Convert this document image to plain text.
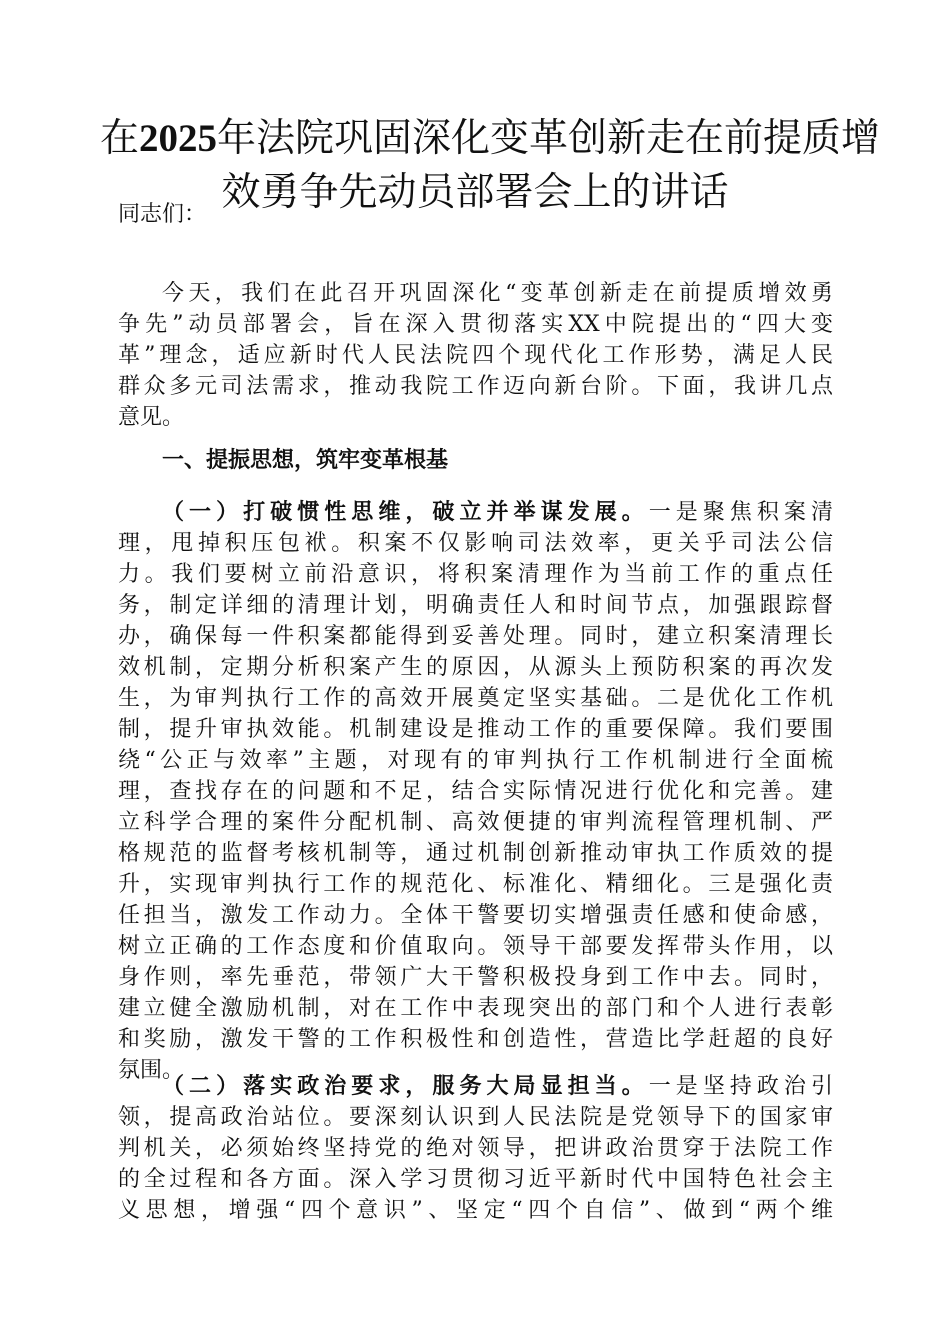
在2025年法院巩固深化变革创新走在前提质增
效勇争先动员部署会上的讲话

同志们：

今天，我们在此召开巩固深化“变革创新走在前提质增效勇
争先”动员部署会，旨在深入贯彻落实XX中院提出的“四大变
革”理念，适应新时代人民法院四个现代化工作形势，满足人民
群众多元司法需求，推动我院工作迈向新台阶。下面，我讲几点
意见。

一、提振思想，筑牢变革根基

（一）打破惯性思维，破立并举谋发展。一是聚焦积案清
理，甩掉积压包袱。积案不仅影响司法效率，更关乎司法公信
力。我们要树立前沿意识，将积案清理作为当前工作的重点任
务，制定详细的清理计划，明确责任人和时间节点，加强跟踪督
办，确保每一件积案都能得到妥善处理。同时，建立积案清理长
效机制，定期分析积案产生的原因，从源头上预防积案的再次发
生，为审判执行工作的高效开展奠定坚实基础。二是优化工作机
制，提升审执效能。机制建设是推动工作的重要保障。我们要围
绕“公正与效率”主题，对现有的审判执行工作机制进行全面梳
理，查找存在的问题和不足，结合实际情况进行优化和完善。建
立科学合理的案件分配机制、高效便捷的审判流程管理机制、严
格规范的监督考核机制等，通过机制创新推动审执工作质效的提
升，实现审判执行工作的规范化、标准化、精细化。三是强化责
任担当，激发工作动力。全体干警要切实增强责任感和使命感，
树立正确的工作态度和价值取向。领导干部要发挥带头作用，以
身作则，率先垂范，带领广大干警积极投身到工作中去。同时，
建立健全激励机制，对在工作中表现突出的部门和个人进行表彰
和奖励，激发干警的工作积极性和创造性，营造比学赶超的良好
氛围。
（二）落实政治要求，服务大局显担当。一是坚持政治引
领，提高政治站位。要深刻认识到人民法院是党领导下的国家审
判机关，必须始终坚持党的绝对领导，把讲政治贯穿于法院工作
的全过程和各方面。深入学习贯彻习近平新时代中国特色社会主
义思想，增强“四个意识”、坚定“四个自信”、做到“两个维
